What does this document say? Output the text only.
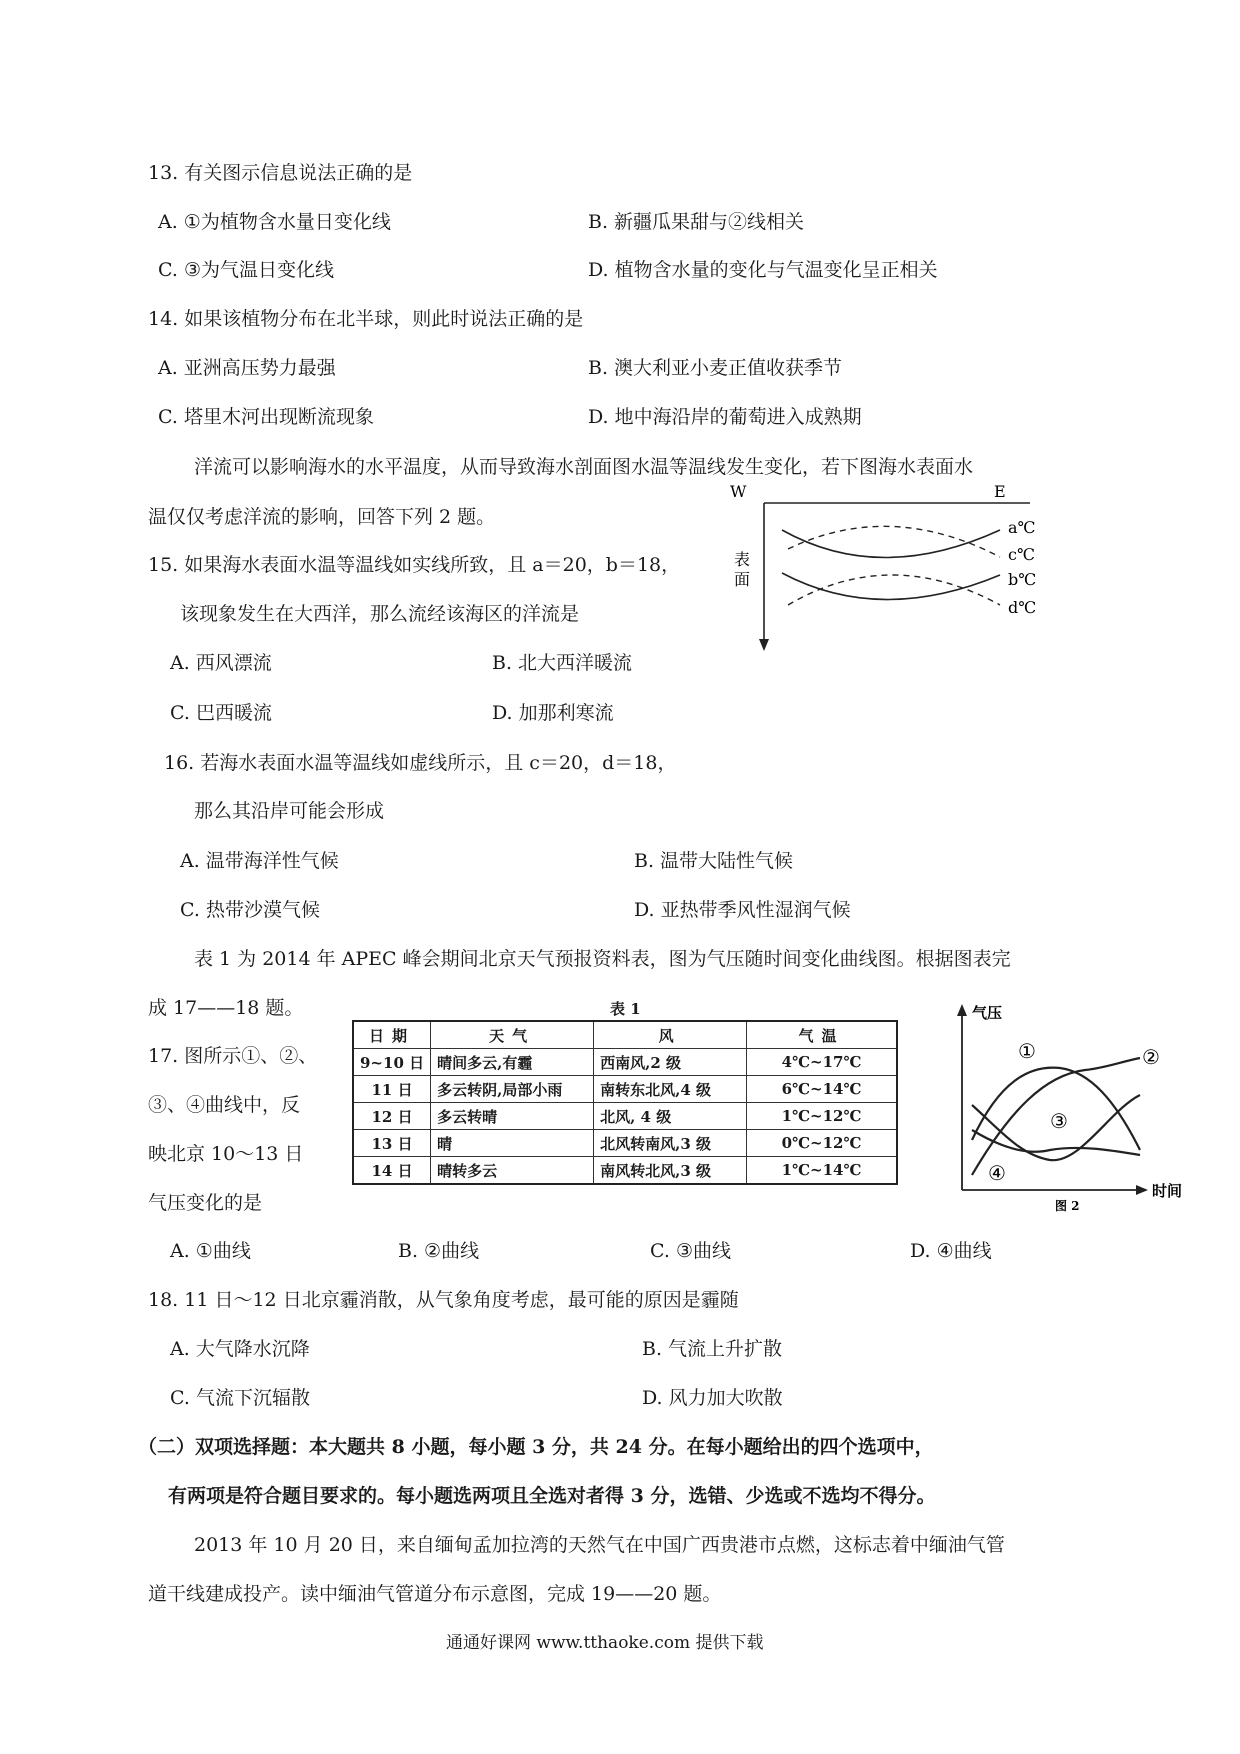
13. 有关图示信息说法正确的是
A. ①为植物含水量日变化线	B. 新疆瓜果甜与②线相关
C. ③为气温日变化线	D. 植物含水量的变化与气温变化呈正相关
14. 如果该植物分布在北半球，则此时说法正确的是
A. 亚洲高压势力最强	B. 澳大利亚小麦正值收获季节
C. 塔里木河出现断流现象	D. 地中海沿岸的葡萄进入成熟期
洋流可以影响海水的水平温度，从而导致海水剖面图水温等温线发生变化，若下图海水表面水
温仅仅考虑洋流的影响，回答下列 2 题。
W	E
表
面
a℃
c℃
b℃
d℃
15. 如果海水表面水温等温线如实线所致，且 a＝20，b＝18，
该现象发生在大西洋，那么流经该海区的洋流是
A. 西风漂流	B. 北大西洋暖流
C. 巴西暖流	D. 加那利寒流
16. 若海水表面水温等温线如虚线所示，且 c＝20，d＝18，
那么其沿岸可能会形成
A. 温带海洋性气候	B. 温带大陆性气候
C. 热带沙漠气候	D. 亚热带季风性湿润气候
表 1 为 2014 年 APEC 峰会期间北京天气预报资料表，图为气压随时间变化曲线图。根据图表完
成 17——18 题。
17. 图所示①、②、
③、④曲线中，反
映北京 10～13 日
气压变化的是
表 1
日期	天气	风	气温
9~10 日	晴间多云,有霾	西南风,2 级	4℃~17℃
11 日	多云转阴,局部小雨	南转东北风,4 级	6℃~14℃
12 日	多云转晴	北风, 4 级	1℃~12℃
13 日	晴	北风转南风,3 级	0℃~12℃
14 日	晴转多云	南风转北风,3 级	1℃~14℃
气压
时间
①	②
③
④
图 2
A. ①曲线	B. ②曲线	C. ③曲线	D. ④曲线
18. 11 日～12 日北京霾消散，从气象角度考虑，最可能的原因是霾随
A. 大气降水沉降	B. 气流上升扩散
C. 气流下沉辐散	D. 风力加大吹散
（二）双项选择题：本大题共 8 小题，每小题 3 分，共 24 分。在每小题给出的四个选项中，
有两项是符合题目要求的。每小题选两项且全选对者得 3 分，选错、少选或不选均不得分。
2013 年 10 月 20 日，来自缅甸孟加拉湾的天然气在中国广西贵港市点燃，这标志着中缅油气管
道干线建成投产。读中缅油气管道分布示意图，完成 19——20 题。
通通好课网 www.tthaoke.com 提供下载
